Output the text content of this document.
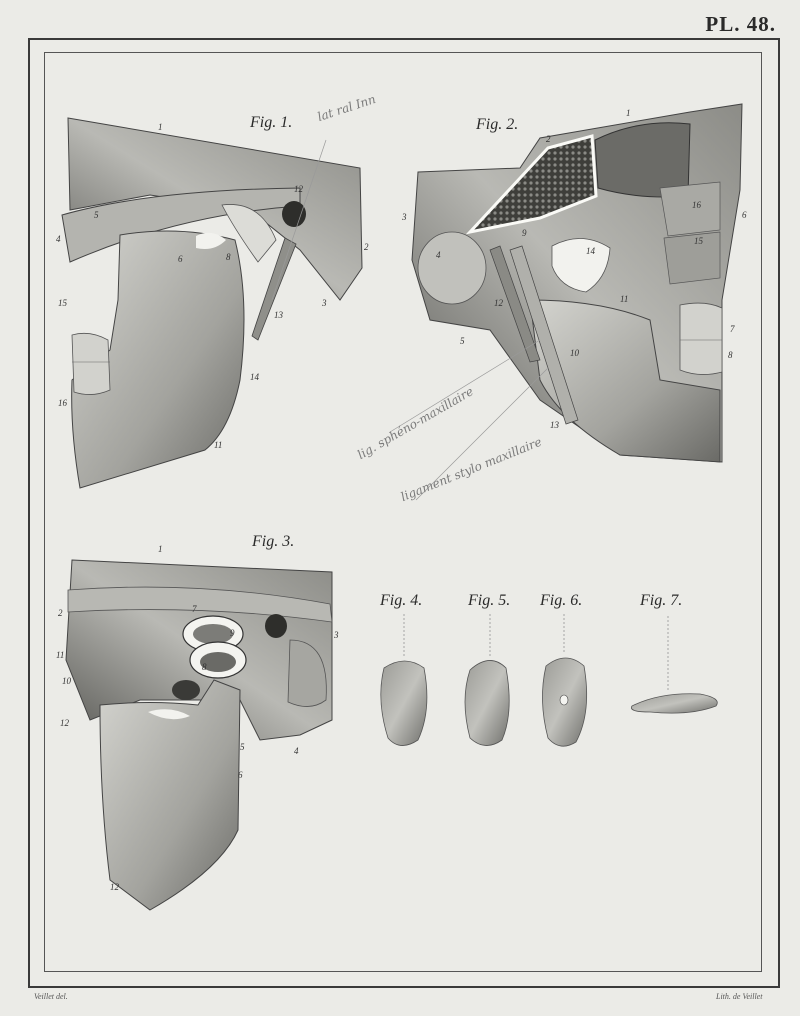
PL. 48.
Fig. 1.	Fig. 2.
Fig. 3.
Fig. 4.	Fig. 5. Fig. 6.	Fig. 7.
1
5
4
15
16
6	8
12
2
3
13
14
11
1
2
3
4
5
9
12
14
16
15
6
7
8
11
10
13
1
2
11
10
12
7
9
8
3
5	4
6
12
lat ral Inn
lig. sphéno-maxillaire
ligament stylo maxillaire
Veillet del.	Lith. de Veillet
